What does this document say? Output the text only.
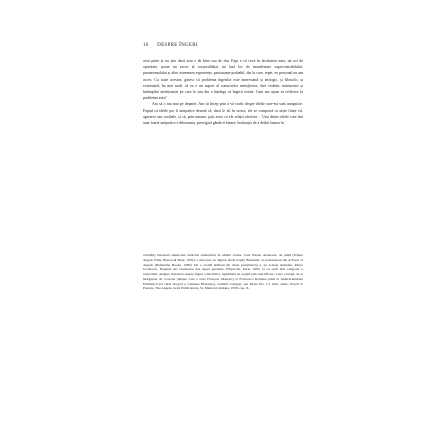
16 DESPRE ÎNGERI

avut parte și nu știu dacă asta e de bine sau de rău. Fapt e că ceva în alcătuirea mea, un soi de opacitate, poate un exces al corporalității, nu lasă loc de manifestare supra-sensibilului, paranormalului și altor asemenea experiențe, pasionante probabil, dar la care, repet, eu personal nu am acces. Cu toate acestea, găsesc că problema îngerilor este interesantă și teologic, și filosofic, și existențial, ba mai mult, că ea e un suport al contactelor nemijlocite, fără vedenii, mărturisiri și întâmplări neobișnuite pe care le știu din a înțelege că îngerii există. Cum am ajuns să reflectez la problema asta?

Am să o iau mai pe departe. Am să încep prin a vă vorbi despre ideile care-mi sunt antipatice. Faptul că ideile pot fi antipatice denotă că, dacă le iei în serios, ele se comportă ca niște ființe vii, agresive sau cordiale, și că, prin urmare, poți avea cu ele relații afective… Una dintre ideile care îmi sunt foarte antipatice e dihotomia, prestigiul gândirii binare, înclinația de a defini lumea în

cantități) literatură americană dedicată subiectului în ultima vreme. Joan Wester Anderson, de pildă (Where Angels Walk, Barton & Brett, 1992), e mai ușor de digerat decât Sophy Burnham, cu bestsellerul său A Book of Angels (Ballantine Books, 1990). De o aromă utilitară (în cheie jurnalistică) e, pe același domeniu, Pierre Jovanovic, Enquête sur l'existence des anges gardiens, Filipacchi, Paris, 1993. O cu totul altă categorie o reprezintă, desigur, literatura despre îngeri a misticilor, legitimată de regulă prin sanctificare. Lista e lungă, de la Margareta de Cortona (despre care a scris François Mauriac) și Francesca Romana până la Anna-Katherina Emmerich (al cărei biograf e Clemens Brentano), Gemma Galgani, sau Padre Pio. Cf. între altele, Pascal P. Parente, The Angels, Grail Publications, St. Meinrad, Indiana, 1958, cap. X.
